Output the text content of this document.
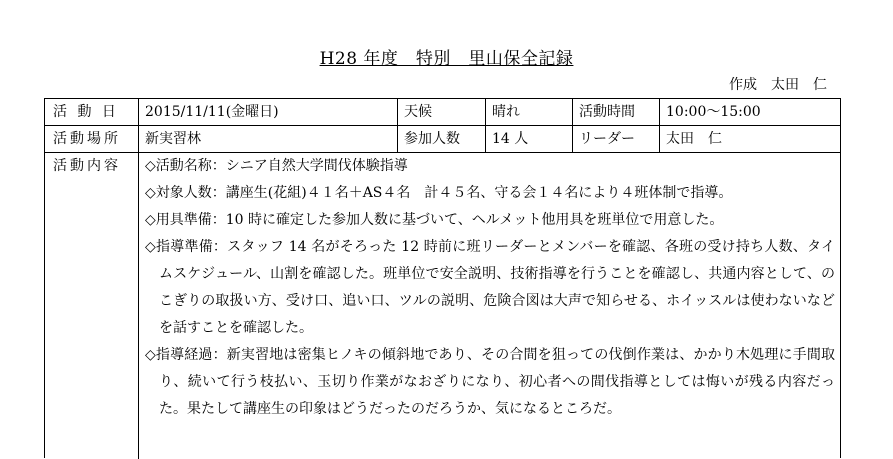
H28 年度　特別　里山保全記録
作成 太田　仁
活 動 日 2015/11/11(金曜日)	天候	晴れ	活動時間 10:00～15:00
活動場所 新実習林	参加人数 14 人	リーダー 太田　仁
活動内容 ◇活動名称：シニア自然大学間伐体験指導

◇対象人数：講座生(花組)４１名＋AS４名　計４５名、守る会１４名により４班体制で指導。

◇用具準備：10 時に確定した参加人数に基づいて、ヘルメット他用具を班単位で用意した。

◇指導準備：スタッフ 14 名がそろった 12 時前に班リーダーとメンバーを確認、各班の受け持ち人数、タイムスケジュール、山割を確認した。班単位で安全説明、技術指導を行うことを確認し、共通内容として、のこぎりの取扱い方、受け口、追い口、ツルの説明、危険合図は大声で知らせる、ホイッスルは使わないなどを話すことを確認した。

◇指導経過：新実習地は密集ヒノキの傾斜地であり、その合間を狙っての伐倒作業は、かかり木処理に手間取り、続いて行う枝払い、玉切り作業がなおざりになり、初心者への間伐指導としては悔いが残る内容だった。果たして講座生の印象はどうだったのだろうか、気になるところだ。
